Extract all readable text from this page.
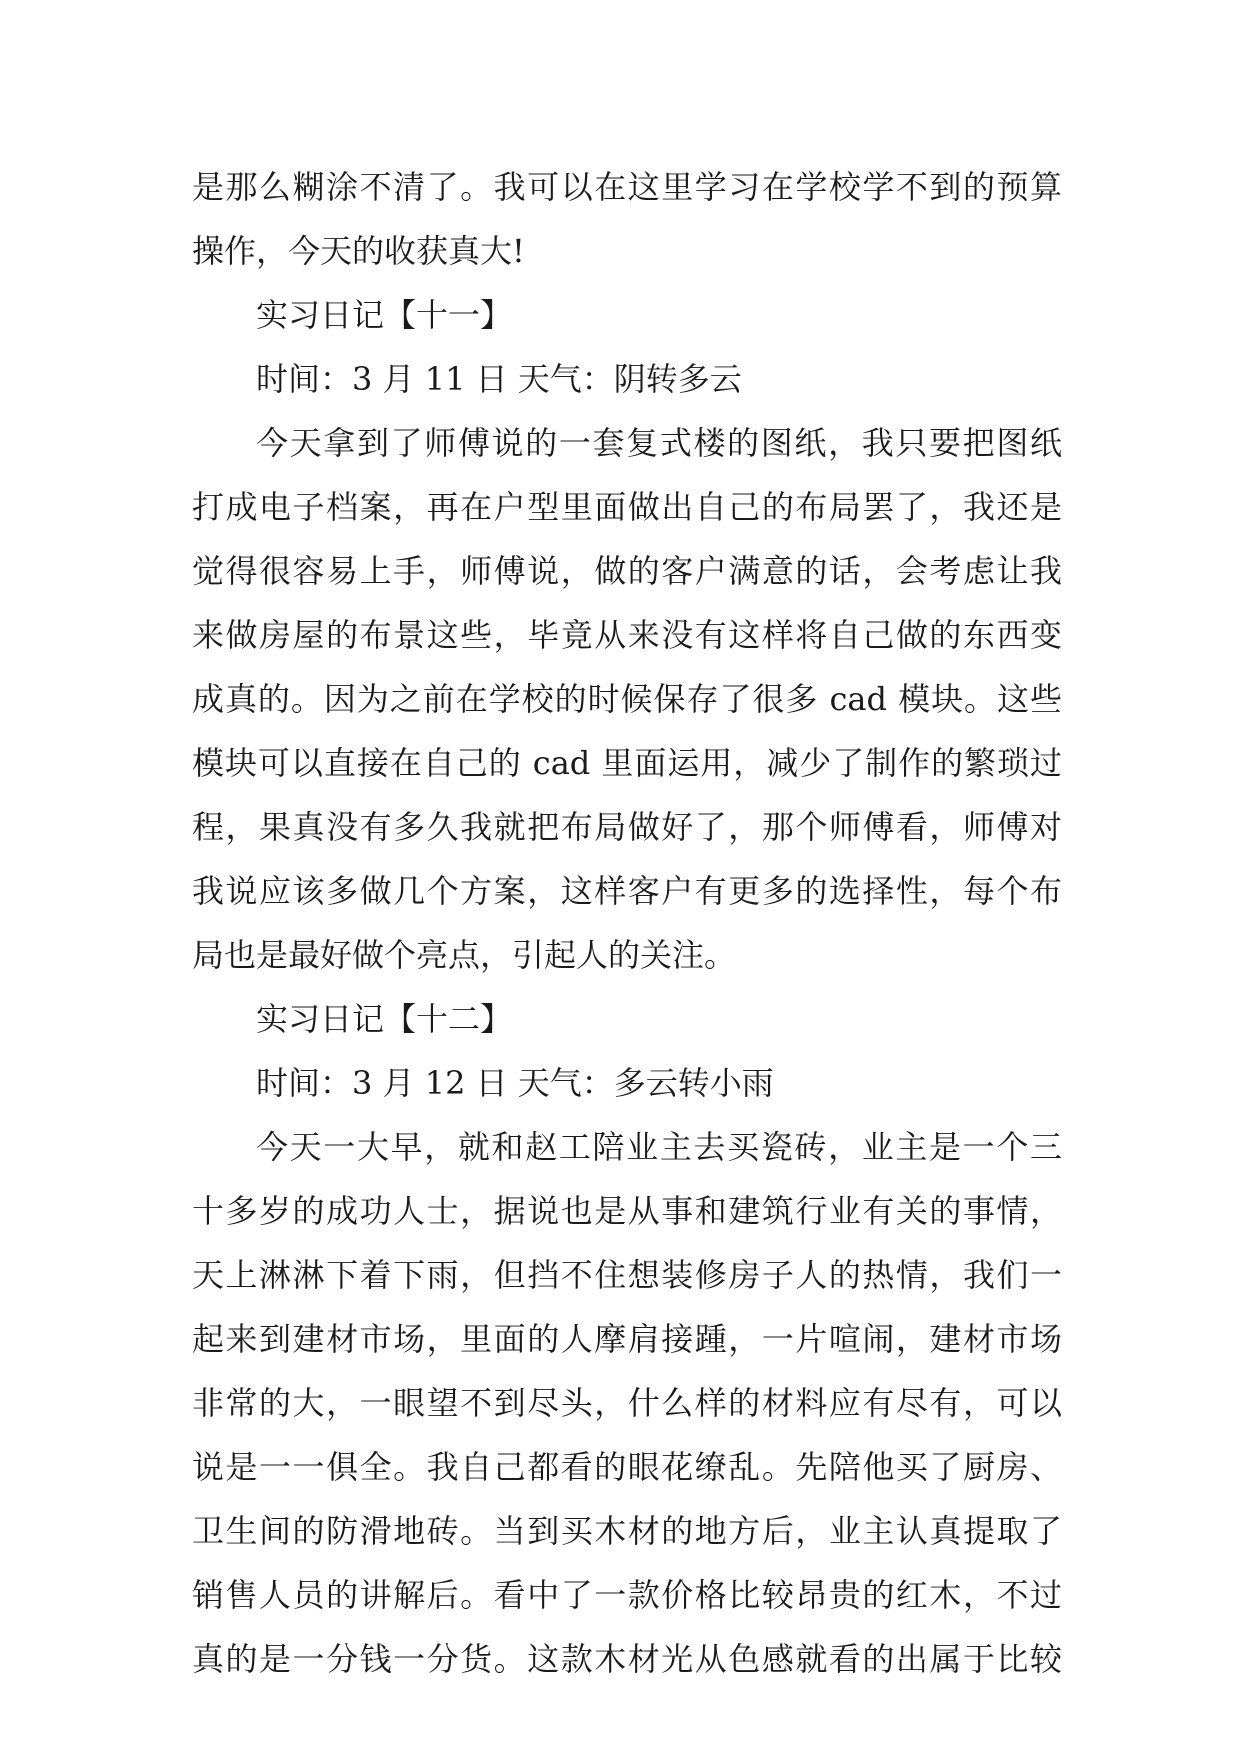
是那么糊涂不清了。我可以在这里学习在学校学不到的预算
操作，今天的收获真大!
实习日记【十一】
时间：3 月 11 日 天气：阴转多云
今天拿到了师傅说的一套复式楼的图纸，我只要把图纸
打成电子档案，再在户型里面做出自己的布局罢了，我还是
觉得很容易上手，师傅说，做的客户满意的话，会考虑让我
来做房屋的布景这些，毕竟从来没有这样将自己做的东西变
成真的。因为之前在学校的时候保存了很多 cad 模块。这些
模块可以直接在自己的 cad 里面运用，减少了制作的繁琐过
程，果真没有多久我就把布局做好了，那个师傅看，师傅对
我说应该多做几个方案，这样客户有更多的选择性，每个布
局也是最好做个亮点，引起人的关注。
实习日记【十二】
时间：3 月 12 日 天气：多云转小雨
今天一大早，就和赵工陪业主去买瓷砖，业主是一个三
十多岁的成功人士，据说也是从事和建筑行业有关的事情，
天上淋淋下着下雨，但挡不住想装修房子人的热情，我们一
起来到建材市场，里面的人摩肩接踵，一片喧闹，建材市场
非常的大，一眼望不到尽头，什么样的材料应有尽有，可以
说是一一俱全。我自己都看的眼花缭乱。先陪他买了厨房、
卫生间的防滑地砖。当到买木材的地方后，业主认真提取了
销售人员的讲解后。看中了一款价格比较昂贵的红木，不过
真的是一分钱一分货。这款木材光从色感就看的出属于比较
